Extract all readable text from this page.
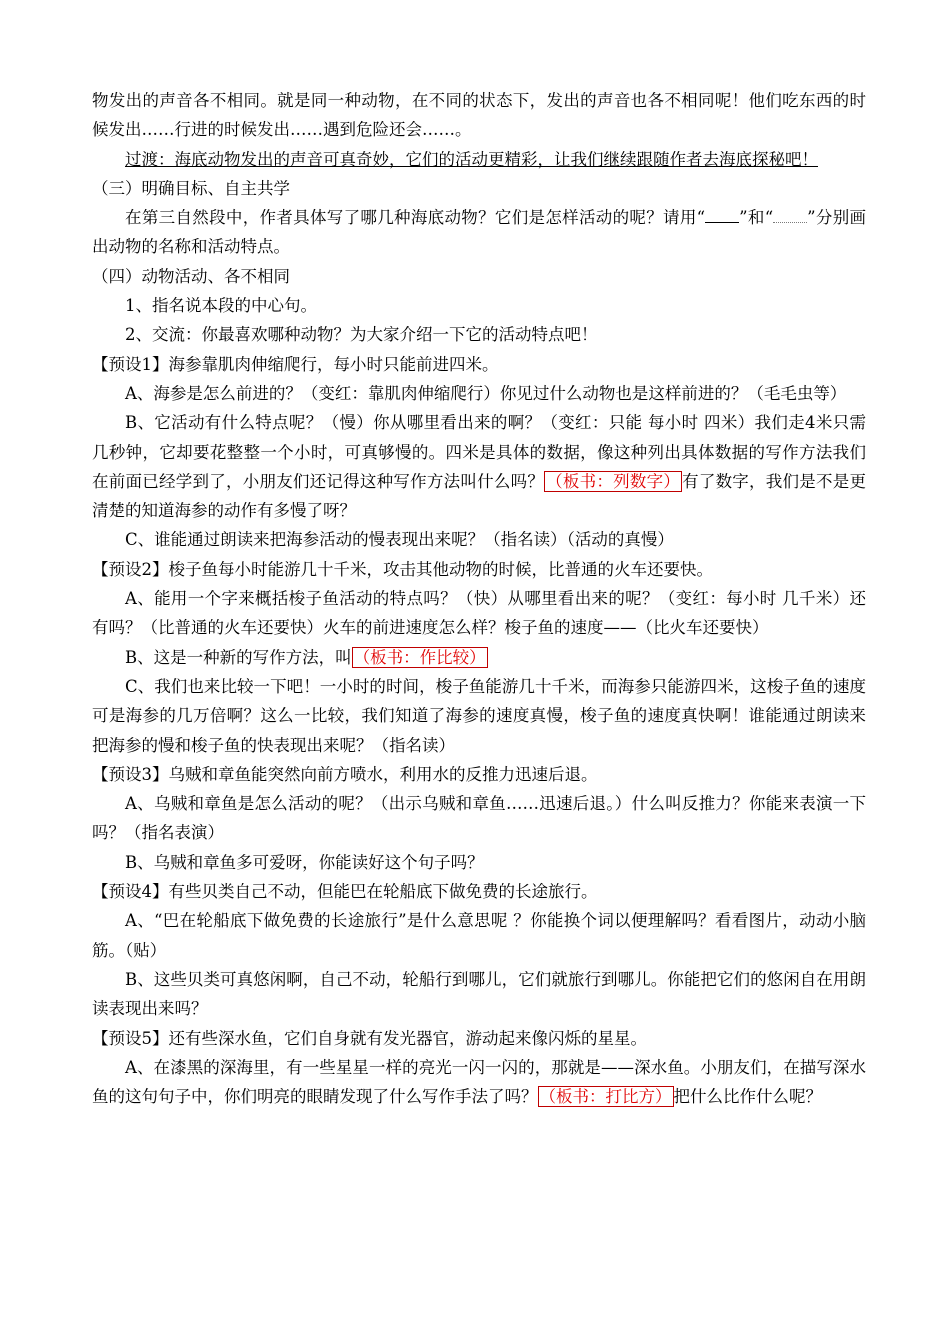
物发出的声音各不相同。就是同一种动物，在不同的状态下，发出的声音也各不相同呢！他们吃东西的时候发出……行进的时候发出……遇到危险还会……。

过渡：海底动物发出的声音可真奇妙，它们的活动更精彩，让我们继续跟随作者去海底探秘吧！

（三）明确目标、自主共学

在第三自然段中，作者具体写了哪几种海底动物？它们是怎样活动的呢？请用“ ”和“ ”分别画出动物的名称和活动特点。

（四）动物活动、各不相同

1、指名说本段的中心句。

2、交流：你最喜欢哪种动物？为大家介绍一下它的活动特点吧！

【预设1】海参靠肌肉伸缩爬行，每小时只能前进四米。

A、海参是怎么前进的？（变红：靠肌肉伸缩爬行）你见过什么动物也是这样前进的？（毛毛虫等）

B、它活动有什么特点呢？（慢）你从哪里看出来的啊？（变红：只能 每小时 四米）我们走4米只需几秒钟，它却要花整整一个小时，可真够慢的。四米是具体的数据，像这种列出具体数据的写作方法我们在前面已经学到了，小朋友们还记得这种写作方法叫什么吗？ （板书：列数字） 有了数字，我们是不是更清楚的知道海参的动作有多慢了呀？

C、谁能通过朗读来把海参活动的慢表现出来呢？（指名读）（活动的真慢）

【预设2】梭子鱼每小时能游几十千米，攻击其他动物的时候，比普通的火车还要快。

A、能用一个字来概括梭子鱼活动的特点吗？（快）从哪里看出来的呢？（变红：每小时 几千米）还有吗？（比普通的火车还要快）火车的前进速度怎么样？梭子鱼的速度——（比火车还要快）

B、这是一种新的写作方法，叫 （板书：作比较）

C、我们也来比较一下吧！一小时的时间，梭子鱼能游几十千米，而海参只能游四米，这梭子鱼的速度可是海参的几万倍啊？这么一比较，我们知道了海参的速度真慢，梭子鱼的速度真快啊！谁能通过朗读来把海参的慢和梭子鱼的快表现出来呢？（指名读）

【预设3】乌贼和章鱼能突然向前方喷水，利用水的反推力迅速后退。

A、乌贼和章鱼是怎么活动的呢？（出示乌贼和章鱼……迅速后退。）什么叫反推力？你能来表演一下吗？（指名表演）

B、乌贼和章鱼多可爱呀，你能读好这个句子吗？

【预设4】有些贝类自己不动，但能巴在轮船底下做免费的长途旅行。

A、“巴在轮船底下做免费的长途旅行”是什么意思呢 ？你能换个词以便理解吗？看看图片，动动小脑筋。（贴）

B、这些贝类可真悠闲啊，自己不动，轮船行到哪儿，它们就旅行到哪儿。你能把它们的悠闲自在用朗读表现出来吗？

【预设5】还有些深水鱼，它们自身就有发光器官，游动起来像闪烁的星星。

A、在漆黑的深海里，有一些星星一样的亮光一闪一闪的，那就是——深水鱼。小朋友们，在描写深水鱼的这句句子中，你们明亮的眼睛发现了什么写作手法了吗？ （板书：打比方） 把什么比作什么呢？
